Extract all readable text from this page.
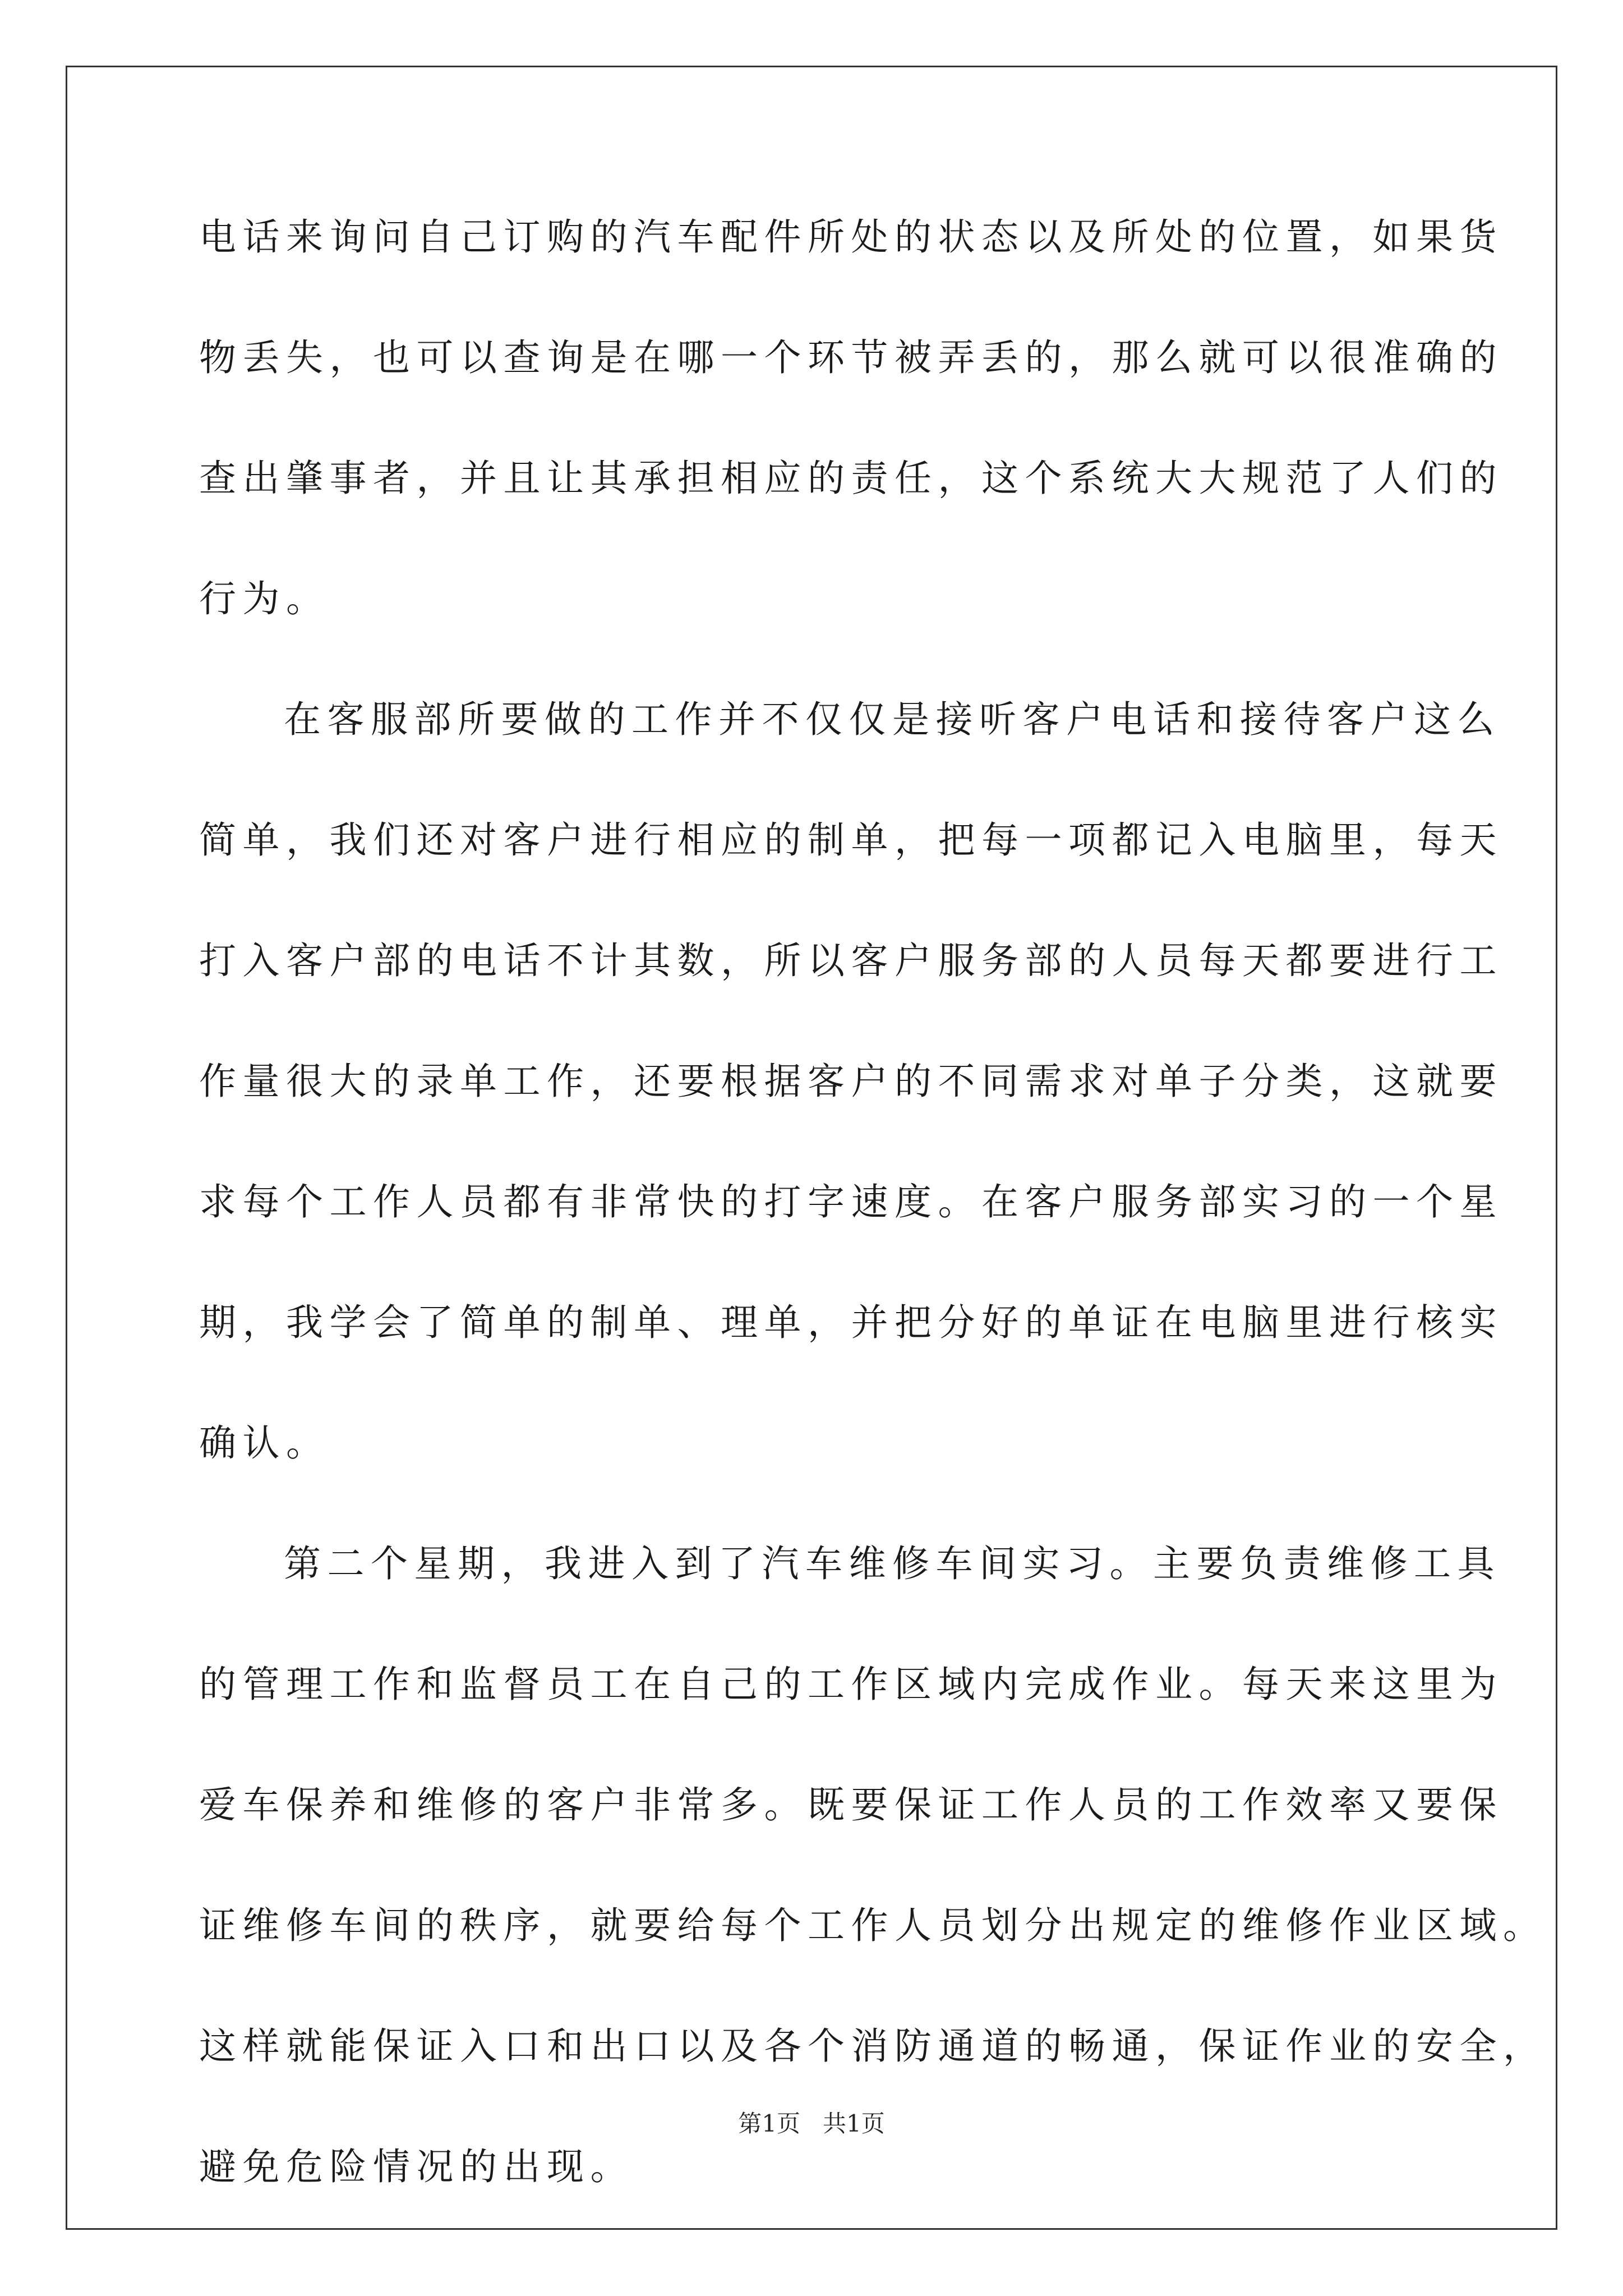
电话来询问自己订购的汽车配件所处的状态以及所处的位置，如果货
物丢失，也可以查询是在哪一个环节被弄丢的，那么就可以很准确的
查出肇事者，并且让其承担相应的责任，这个系统大大规范了人们的
行为。
在客服部所要做的工作并不仅仅是接听客户电话和接待客户这么
简单，我们还对客户进行相应的制单，把每一项都记入电脑里，每天
打入客户部的电话不计其数，所以客户服务部的人员每天都要进行工
作量很大的录单工作，还要根据客户的不同需求对单子分类，这就要
求每个工作人员都有非常快的打字速度。在客户服务部实习的一个星
期，我学会了简单的制单、理单，并把分好的单证在电脑里进行核实
确认。
第二个星期，我进入到了汽车维修车间实习。主要负责维修工具
的管理工作和监督员工在自己的工作区域内完成作业。每天来这里为
爱车保养和维修的客户非常多。既要保证工作人员的工作效率又要保
证维修车间的秩序，就要给每个工作人员划分出规定的维修作业区域。
这样就能保证入口和出口以及各个消防通道的畅通，保证作业的安全，
避免危险情况的出现。
第1页   共1页
